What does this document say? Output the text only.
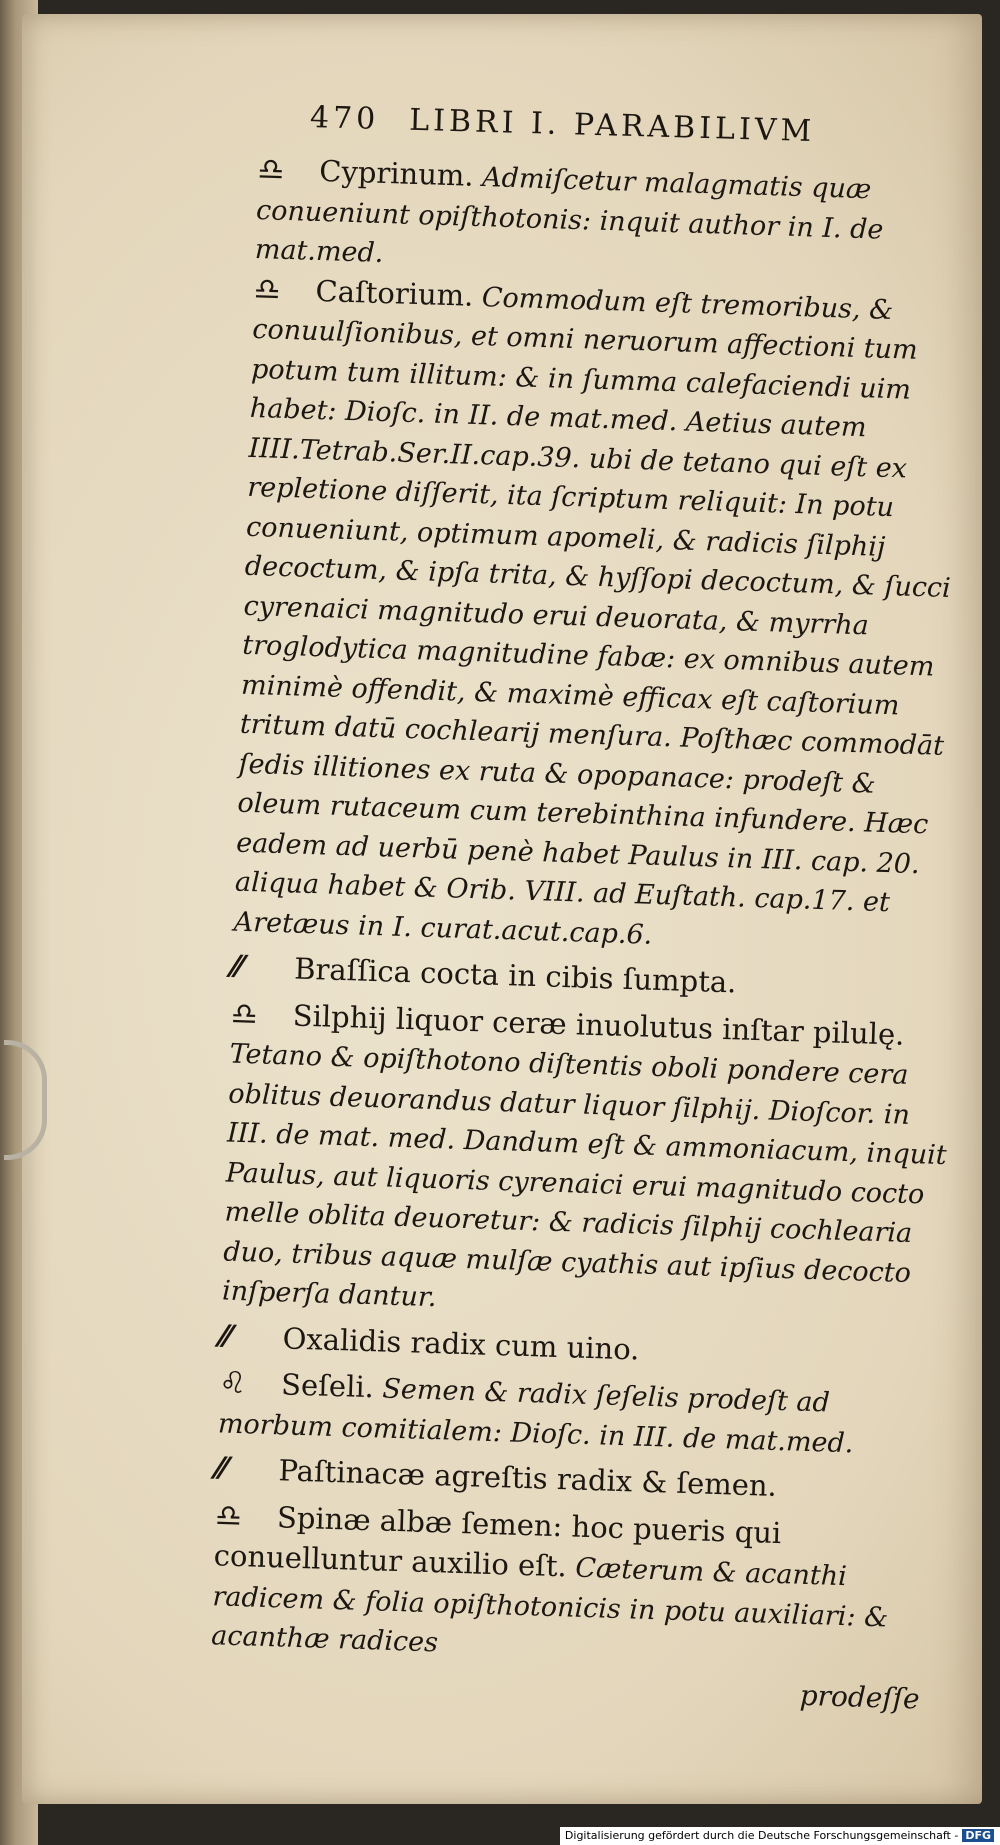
470 LIBRI I. PARABILIVM

♎ Cyprinum. Admiſcetur malagmatis quæ conueniunt opiſthotonis: inquit author in I. de mat.med.

♎ Caſtorium. Commodum eſt tremoribus, & conuulſionibus, et omni neruorum affectioni tum potum tum illitum: & in ſumma calefaciendi uim habet: Dioſc. in II. de mat.med. Aetius autem IIII.Tetrab.Ser.II.cap.39. ubi de tetano qui eſt ex repletione diſſerit, ita ſcriptum reliquit: In potu conueniunt, optimum apomeli, & radicis ſilphij decoctum, & ipſa trita, & hyſſopi decoctum, & ſucci cyrenaici magnitudo erui deuorata, & myrrha troglodytica magnitudine fabæ: ex omnibus autem minimè offendit, & maximè efficax eſt caſtorium tritum datū cochlearij menſura. Poſthæc commodāt ſedis illitiones ex ruta & opopanace: prodeſt & oleum rutaceum cum terebinthina infundere. Hæc eadem ad uerbū penè habet Paulus in III. cap. 20. aliqua habet & Orib. VIII. ad Euſtath. cap.17. et Aretæus in I. curat.acut.cap.6.

⁄⁄ Braſſica cocta in cibis ſumpta.

♎ Silphij liquor ceræ inuolutus inſtar pilulę. Tetano & opiſthotono diſtentis oboli pondere cera oblitus deuorandus datur liquor ſilphij. Dioſcor. in III. de mat. med. Dandum eſt & ammoniacum, inquit Paulus, aut liquoris cyrenaici erui magnitudo cocto melle oblita deuoretur: & radicis ſilphij cochlearia duo, tribus aquæ mulſæ cyathis aut ipſius decocto inſperſa dantur.

⁄⁄ Oxalidis radix cum uino.

♌ Seſeli. Semen & radix ſeſelis prodeſt ad morbum comitialem: Dioſc. in III. de mat.med.

⁄⁄ Paſtinacæ agreſtis radix & ſemen.

♎ Spinæ albæ ſemen: hoc pueris qui conuelluntur auxilio eſt. Cæterum & acanthi radicem & folia opiſthotonicis in potu auxiliari: & acanthæ radices

prodeſſe
Digitalisierung gefördert durch die Deutsche Forschungsgemeinschaft - DFG
